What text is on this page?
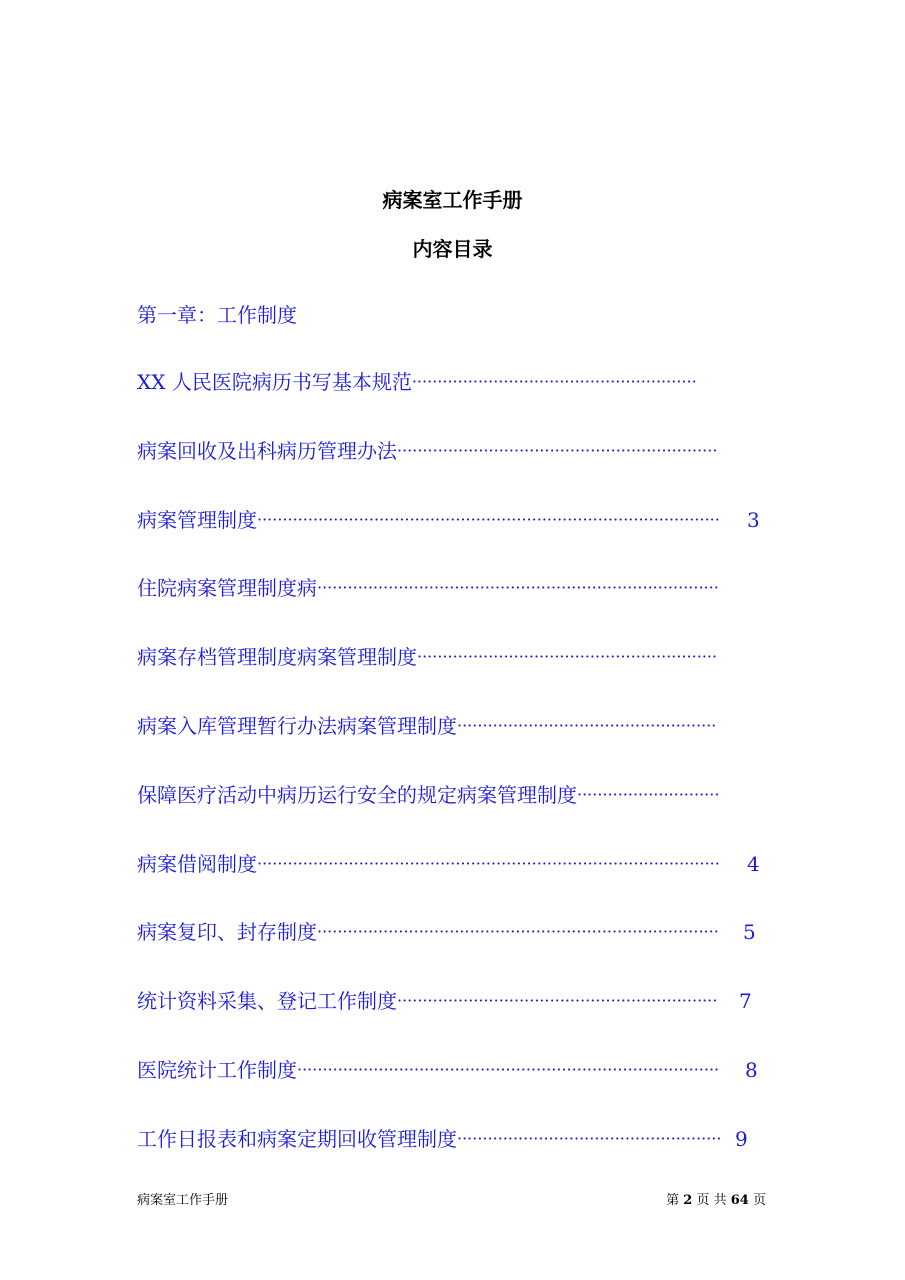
病案室工作手册
内容目录

第一章：工作制度

XX 人民医院病历书写基本规范 ························································
病案回收及出科病历管理办法 ·······························································
病案管理制度 ···························································································	3
住院病案管理制度病 ···············································································
病案存档管理制度病案管理制度 ···························································
病案入库管理暂行办法病案管理制度 ···················································
保障医疗活动中病历运行安全的规定病案管理制度 ····························
病案借阅制度 ···························································································	4
病案复印、封存制度 ···············································································	5
统计资料采集、登记工作制度 ·······························································	7
医院统计工作制度 ···················································································	8
工作日报表和病案定期回收管理制度 ···················································· 9
病案室工作手册	第 2 页 共 64 页
